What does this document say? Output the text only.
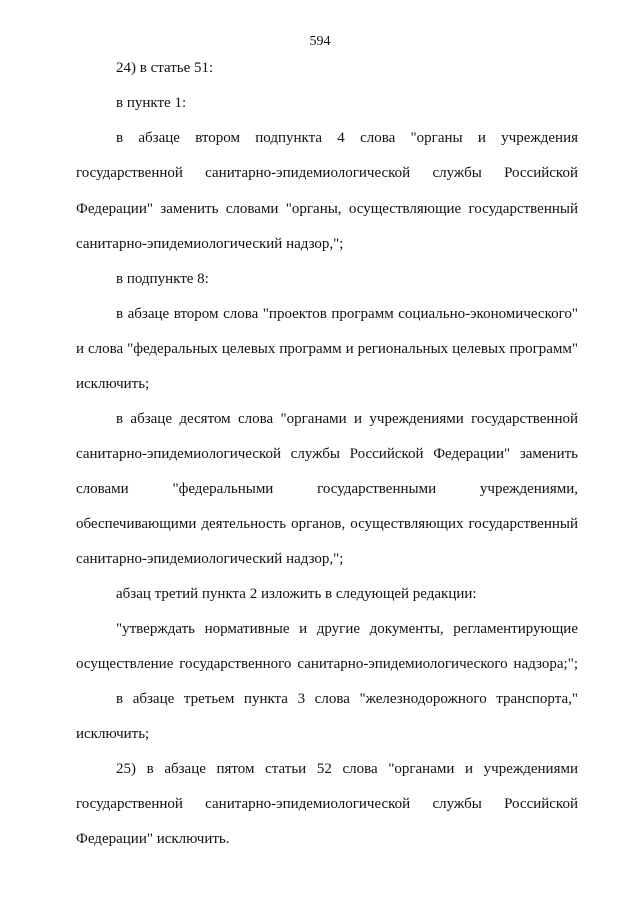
594
24) в статье 51:
в пункте 1:
в абзаце втором подпункта 4 слова "органы и учреждения
государственной санитарно-эпидемиологической службы Российской
Федерации" заменить словами "органы, осуществляющие государственный
санитарно-эпидемиологический надзор,";
в подпункте 8:
в абзаце втором слова "проектов программ социально-экономического"
и слова "федеральных целевых программ и региональных целевых программ"
исключить;
в абзаце десятом слова "органами и учреждениями государственной
санитарно-эпидемиологической службы Российской Федерации" заменить
словами "федеральными государственными учреждениями,
обеспечивающими деятельность органов, осуществляющих государственный
санитарно-эпидемиологический надзор,";
абзац третий пункта 2 изложить в следующей редакции:
"утверждать нормативные и другие документы, регламентирующие
осуществление государственного санитарно-эпидемиологического надзора;";
в абзаце третьем пункта 3 слова "железнодорожного транспорта,"
исключить;
25) в абзаце пятом статьи 52 слова "органами и учреждениями
государственной санитарно-эпидемиологической службы Российской
Федерации" исключить.
